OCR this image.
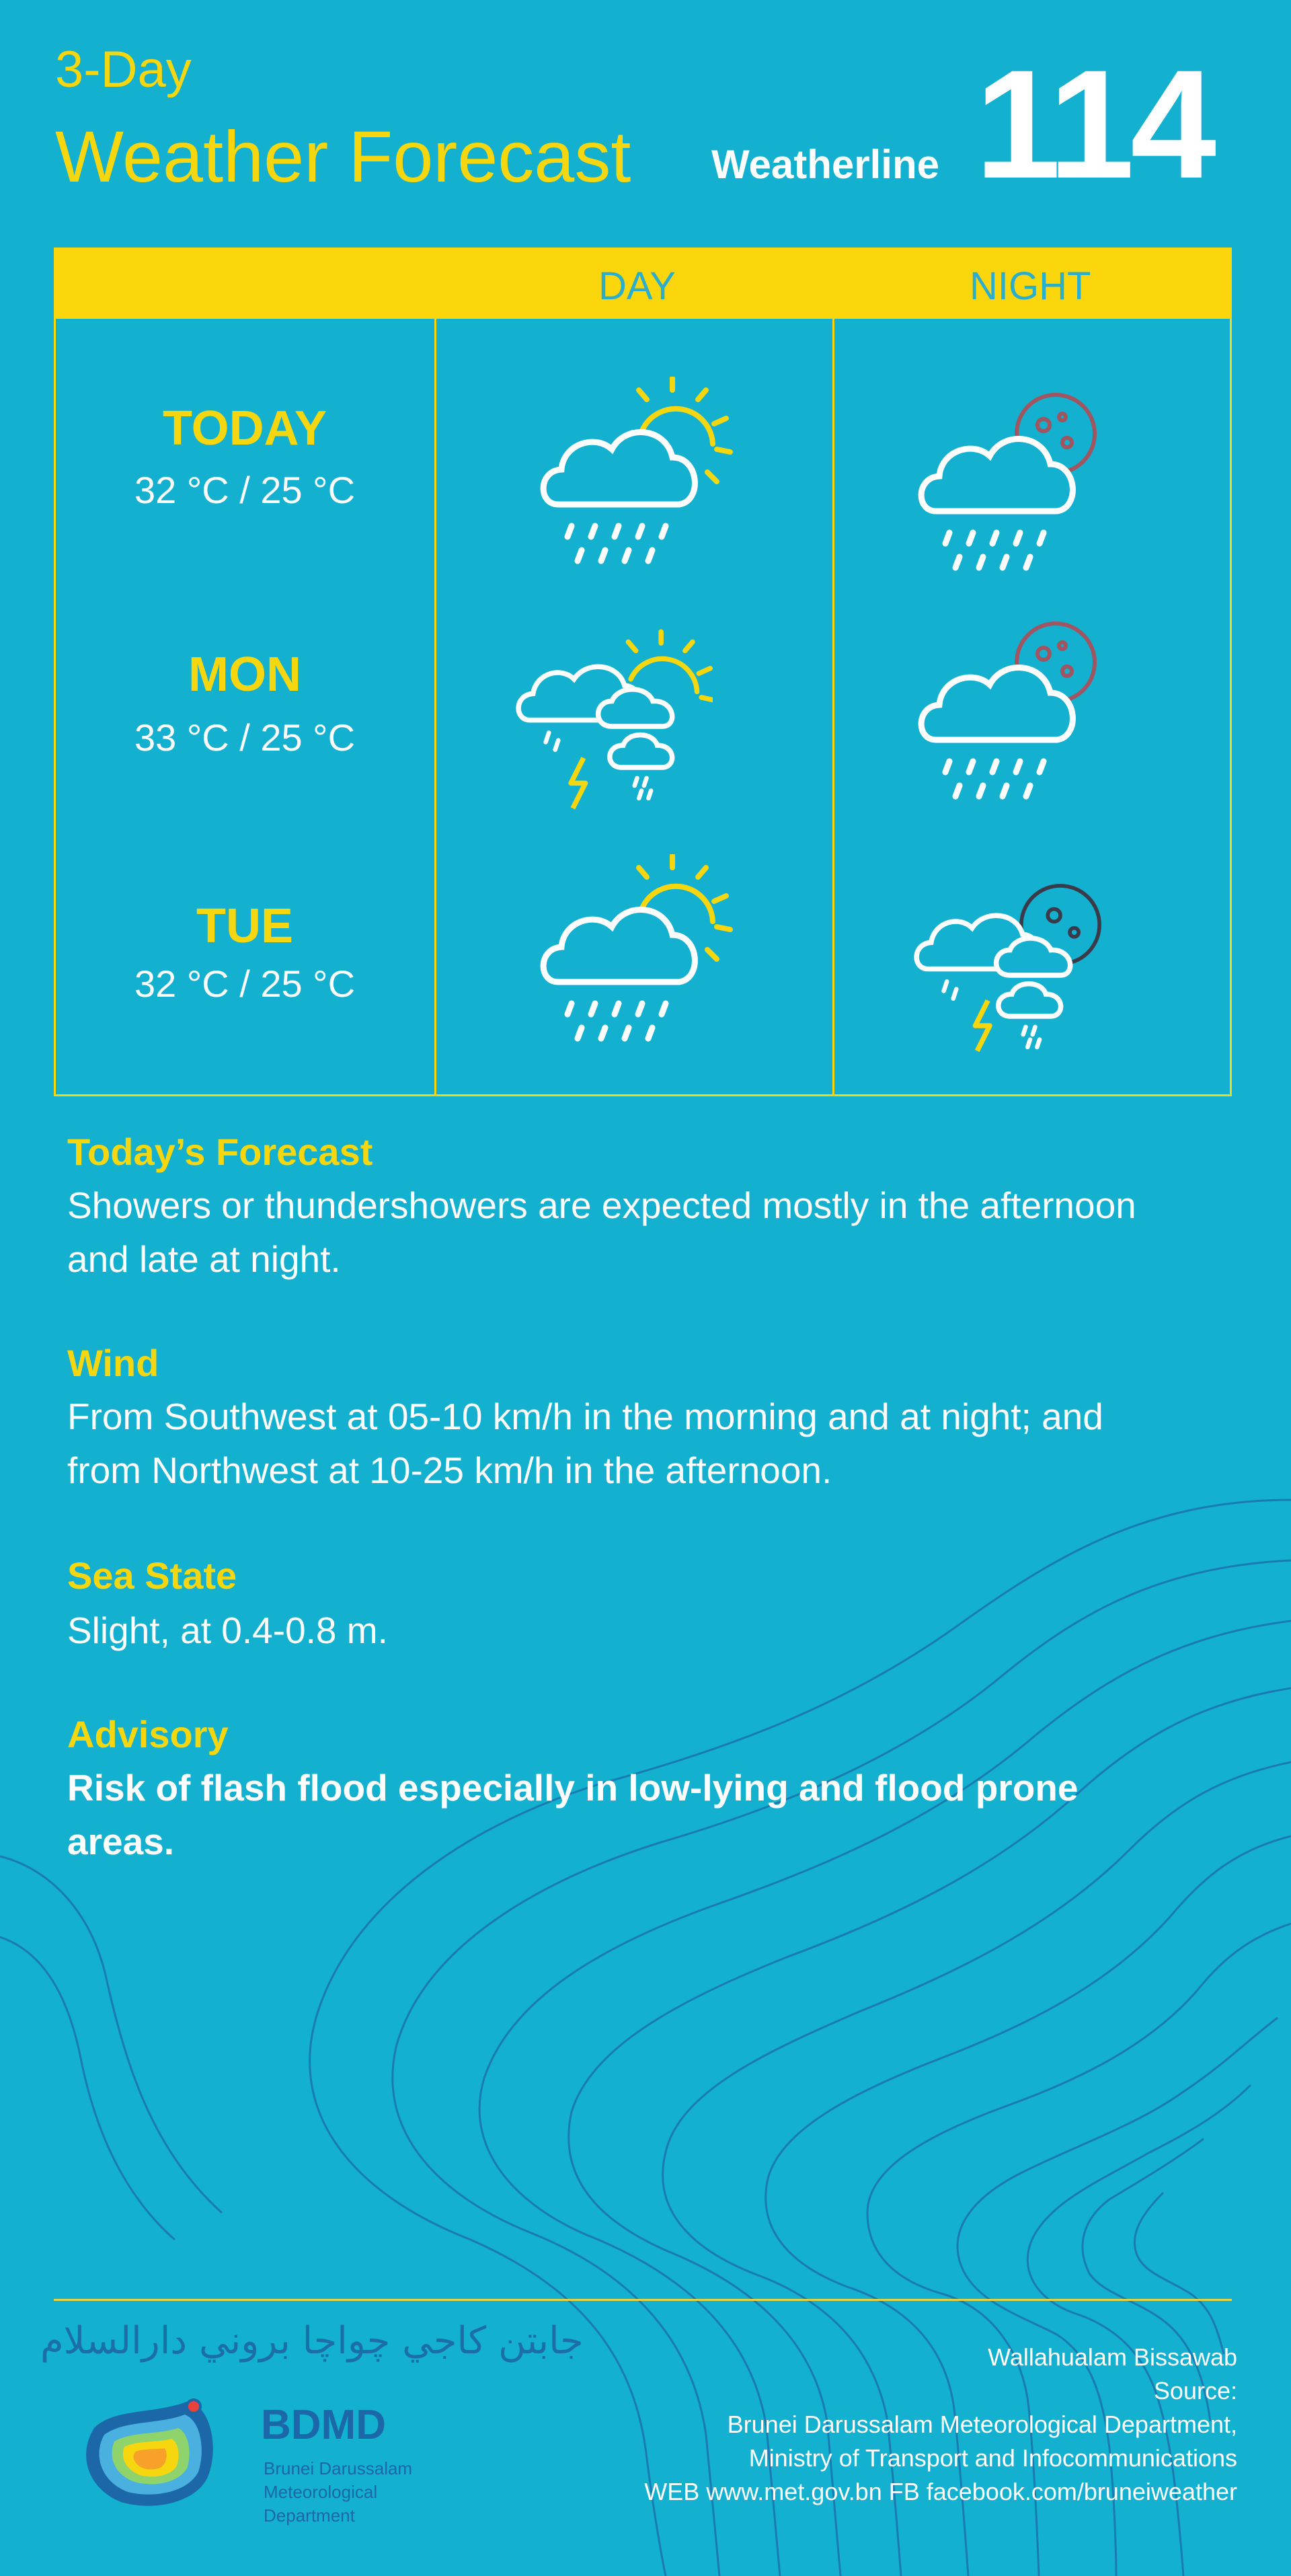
3-Day
Weather Forecast Weatherline 114
DAY	NIGHT
TODAY
32 °C / 25 °C
MON
33 °C / 25 °C
TUE
32 °C / 25 °C
Today’s Forecast
Showers or thundershowers are expected mostly in the afternoon
and late at night.
Wind
From Southwest at 05-10 km/h in the morning and at night; and
from Northwest at 10-25 km/h in the afternoon.
Sea State
Slight, at 0.4-0.8 m.
Advisory
Risk of flash flood especially in low-lying and flood prone
areas.
جابتن کاجي چواچا بروني دارالسلام
BDMD
Brunei Darussalam
Meteorological
Department
Wallahualam Bissawab
Source:
Brunei Darussalam Meteorological Department,
Ministry of Transport and Infocommunications
WEB www.met.gov.bn FB facebook.com/bruneiweather
